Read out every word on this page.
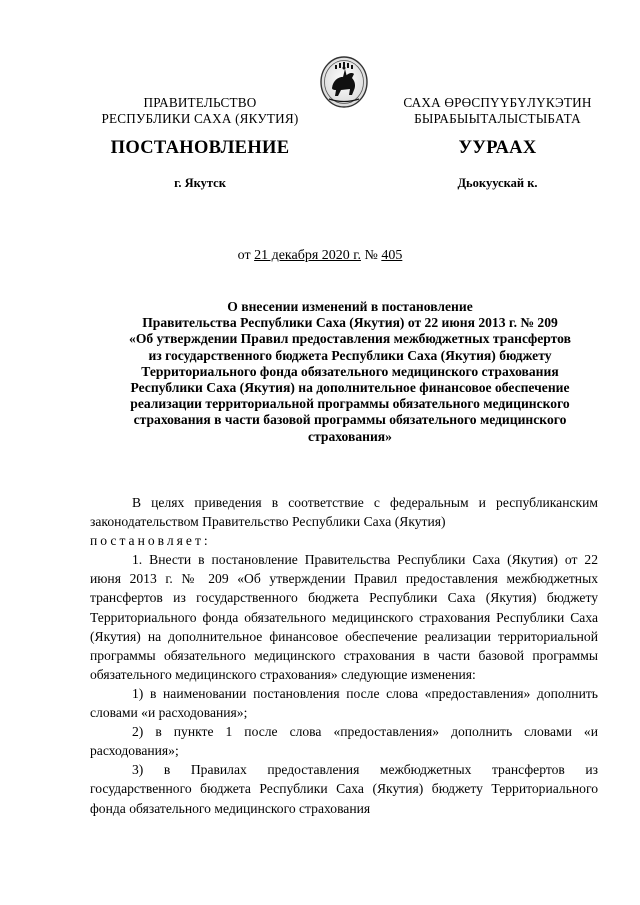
ПРАВИТЕЛЬСТВО
РЕСПУБЛИКИ САХА (ЯКУТИЯ)
САХА ӨРӨСПҮҮБҮЛҮКЭТИН
БЫРАБЫЫТАЛЫСТЫБАТА
ПОСТАНОВЛЕНИЕ	УУРААХ
г. Якутск	Дьокуускай к.
от 21 декабря 2020 г. № 405
О внесении изменений в постановление
Правительства Республики Саха (Якутия) от 22 июня 2013 г. № 209
«Об утверждении Правил предоставления межбюджетных трансфертов
из государственного бюджета Республики Саха (Якутия) бюджету
Территориального фонда обязательного медицинского страхования
Республики Саха (Якутия) на дополнительное финансовое обеспечение
реализации территориальной программы обязательного медицинского
страхования в части базовой программы обязательного медицинского
страхования»

В целях приведения в соответствие с федеральным и республиканским законодательством Правительство Республики Саха (Якутия)

постановляет:

1. Внести в постановление Правительства Республики Саха (Якутия) от 22 июня 2013 г. № 209 «Об утверждении Правил предоставления межбюджетных трансфертов из государственного бюджета Республики Саха (Якутия) бюджету Территориального фонда обязательного медицинского страхования Республики Саха (Якутия) на дополнительное финансовое обеспечение реализации территориальной программы обязательного медицинского страхования в части базовой программы обязательного медицинского страхования» следующие изменения:

1) в наименовании постановления после слова «предоставления» дополнить словами «и расходования»;

2) в пункте 1 после слова «предоставления» дополнить словами «и расходования»;

3) в Правилах предоставления межбюджетных трансфертов из государственного бюджета Республики Саха (Якутия) бюджету Территориального фонда обязательного медицинского страхования
